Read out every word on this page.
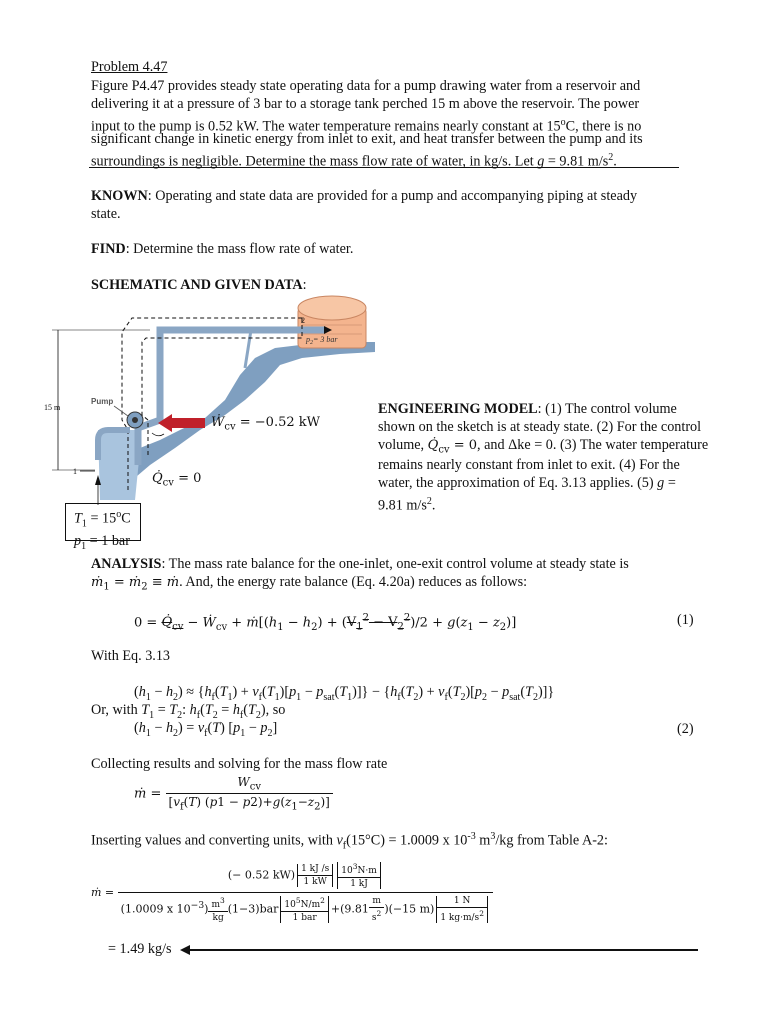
Problem 4.47
Figure P4.47 provides steady state operating data for a pump drawing water from a reservoir and
delivering it at a pressure of 3 bar to a storage tank perched 15 m above the reservoir. The power
input to the pump is 0.52 kW. The water temperature remains nearly constant at 15$^o$C, there is no
significant change in kinetic energy from inlet to exit, and heat transfer between the pump and its
surroundings is negligible. Determine the mass flow rate of water, in kg/s. Let g = 9.81 $m/s^2$.
KNOWN: Operating and state data are provided for a pump and accompanying piping at steady
state.
FIND: Determine the mass flow rate of water.
SCHEMATIC AND GIVEN DATA:
$p_2= 3$ bar
2
Pump
1
15 m
$Ẇ_{cv} = -0.52$ kW
$Q̇_{cv} = 0$
$T_1 = 15^oC$
$p_1 = 1$ bar
ENGINEERING MODEL: (1) The control volume
shown on the sketch is at steady state. (2) For the control
volume, $Q̇_{cv} = 0$, and Δke = 0. (3) The water temperature
remains nearly constant from inlet to exit. (4) For the
water, the approximation of Eq. 3.13 applies. (5) g =
9.81 $m/s^2$.
ANALYSIS: The mass rate balance for the one-inlet, one-exit control volume at steady state is
$ṁ_1$ = $ṁ_2$ ≡ ṁ. And, the energy rate balance (Eq. 4.20a) reduces as follows:
$0 = Q̇_{cv}$ − $Ẇ_{cv}$ + $ṁ[(h_1 - h_2) + (V_1^2 - V_2^2)/2 + g(z_1 - z_2)]$	(1)
With Eq. 3.13
$(h_1 - h_2) \approx \{h_f(T_1) + v_f(T_1)[p_1 - p_{sat}(T_1)]\} - \{h_f(T_2) + v_f(T_2)[p_2 - p_{sat}(T_2)]\}$
Or, with $T_1 = T_2$: $h_f(T_2 = h_f(T_2)$, so
$(h_1 - h_2) = v_f(T) [p_1 - p_2]$	(2)
Collecting results and solving for the mass flow rate
ṁ = $\frac{W_{cv}}{[v_f(T) (p1 - p2)+g(z_1-z_2)]}$
Inserting values and converting units, with $v_f(15^\circ C) = 1.0009$ x $10^{-3}$ $m^3/kg$ from Table A-2:
ṁ =
(− 0.52 $kW) \frac{1 kJ /s}{1 kW} \frac{10^3N\cdot m}{1 kJ}$
(1.0009 x $10^{-3}) \frac{m^3}{kg} (1-3)bar \frac{10^5N/m^2}{\text{1 bar}} +(9.81 \frac{m}{s^2} )(-15$ $m) \frac{1 N}{1 kg\cdot m/s^2}$
= 1.49 kg/s
